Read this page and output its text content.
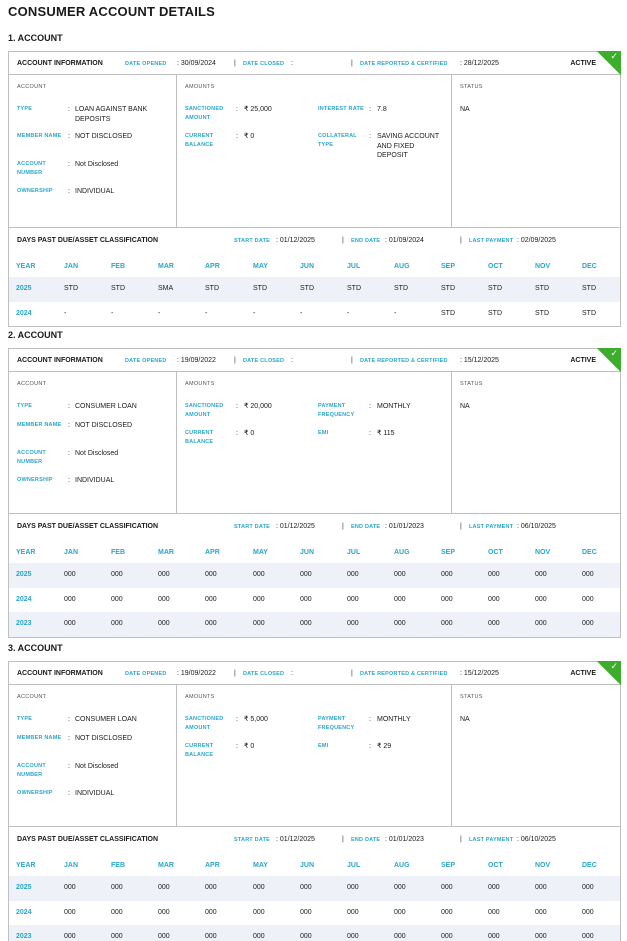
CONSUMER ACCOUNT DETAILS
1. ACCOUNT
ACCOUNT INFORMATION	DATE OPENED : 30/09/2024	| DATE CLOSED :	| DATE REPORTED & CERTIFIED : 28/12/2025	ACTIVE
✓
ACCOUNT
TYPE	: LOAN AGAINST BANK DEPOSITS
MEMBER NAME : NOT DISCLOSED
ACCOUNT NUMBER
: Not Disclosed
OWNERSHIP	: INDIVIDUAL
AMOUNTS
SANCTIONED AMOUNT
: ₹ 25,000
CURRENT BALANCE
: ₹ 0
INTEREST RATE : 7.8
COLLATERAL TYPE
: SAVING ACCOUNT AND FIXED DEPOSIT
STATUS
NA
DAYS PAST DUE/ASSET CLASSIFICATION	START DATE : 01/12/2025	| END DATE : 01/09/2024	| LAST PAYMENT : 02/09/2025
YEAR	JAN	FEB	MAR	APR	MAY	JUN	JUL	AUG	SEP	OCT	NOV	DEC
2025	STD	STD	SMA	STD	STD	STD	STD	STD	STD	STD	STD	STD
2024	-	-	-	-	-	-	-	-	STD	STD	STD	STD
2. ACCOUNT
ACCOUNT INFORMATION	DATE OPENED : 19/09/2022	| DATE CLOSED :	| DATE REPORTED & CERTIFIED : 15/12/2025	ACTIVE
✓
ACCOUNT
TYPE	: CONSUMER LOAN
MEMBER NAME : NOT DISCLOSED
ACCOUNT NUMBER
: Not Disclosed
OWNERSHIP	: INDIVIDUAL
AMOUNTS
SANCTIONED AMOUNT
: ₹ 20,000
CURRENT BALANCE
: ₹ 0
PAYMENT FREQUENCY
: MONTHLY
EMI	: ₹ 115
STATUS
NA
DAYS PAST DUE/ASSET CLASSIFICATION	START DATE : 01/12/2025	| END DATE : 01/01/2023	| LAST PAYMENT : 06/10/2025
YEAR	JAN	FEB	MAR	APR	MAY	JUN	JUL	AUG	SEP	OCT	NOV	DEC
2025	000	000	000	000	000	000	000	000	000	000	000	000
2024	000	000	000	000	000	000	000	000	000	000	000	000
2023	000	000	000	000	000	000	000	000	000	000	000	000
3. ACCOUNT
ACCOUNT INFORMATION	DATE OPENED : 19/09/2022	| DATE CLOSED :	| DATE REPORTED & CERTIFIED : 15/12/2025	ACTIVE
✓
ACCOUNT
TYPE	: CONSUMER LOAN
MEMBER NAME : NOT DISCLOSED
ACCOUNT NUMBER
: Not Disclosed
OWNERSHIP	: INDIVIDUAL
AMOUNTS
SANCTIONED AMOUNT
: ₹ 5,000
CURRENT BALANCE
: ₹ 0
PAYMENT FREQUENCY
: MONTHLY
EMI	: ₹ 29
STATUS
NA
DAYS PAST DUE/ASSET CLASSIFICATION	START DATE : 01/12/2025	| END DATE : 01/01/2023	| LAST PAYMENT : 06/10/2025
YEAR	JAN	FEB	MAR	APR	MAY	JUN	JUL	AUG	SEP	OCT	NOV	DEC
2025	000	000	000	000	000	000	000	000	000	000	000	000
2024	000	000	000	000	000	000	000	000	000	000	000	000
2023	000	000	000	000	000	000	000	000	000	000	000	000
